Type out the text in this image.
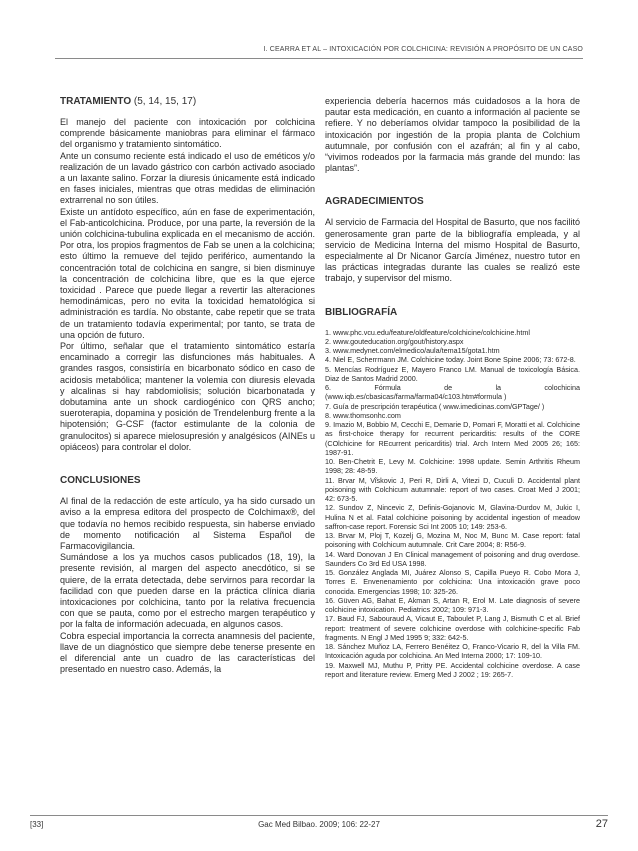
I. CEARRA ET AL – INTOXICACIÓN POR COLCHICINA: REVISIÓN A PROPÓSITO DE UN CASO
TRATAMIENTO (5, 14, 15, 17)

El manejo del paciente con intoxicación por colchicina comprende básicamente maniobras para eliminar el fármaco del organismo y tratamiento sintomático.

Ante un consumo reciente está indicado el uso de eméticos y/o realización de un lavado gástrico con carbón activado asociado a un laxante salino. Forzar la diuresis únicamente está indicado en fases iniciales, mientras que otras medidas de eliminación extrarrenal no son útiles.

Existe un antídoto específico, aún en fase de experimentación, el Fab-anticolchicina. Produce, por una parte, la reversión de la unión colchicina-tubulina explicada en el mecanismo de acción. Por otra, los propios fragmentos de Fab se unen a la colchicina; esto último la remueve del tejido periférico, aumentando la concentración total de colchicina en sangre, si bien disminuye la concentración de colchicina libre, que es la que ejerce toxicidad . Parece que puede llegar a revertir las alteraciones hemodinámicas, pero no evita la toxicidad hematológica si administración es tardía. No obstante, cabe repetir que se trata de un tratamiento todavía experimental; por tanto, se trata de una opción de futuro.

Por último, señalar que el tratamiento sintomático estaría encaminado a corregir las disfunciones más habituales. A grandes rasgos, consistiría en bicarbonato sódico en caso de acidosis metabólica; mantener la volemia con diuresis elevada y alcalinas si hay rabdomiolisis; solución bicarbonatada y dobutamina ante un shock cardiogénico con QRS ancho; sueroterapia, dopamina y posición de Trendelenburg frente a la hipotensión; G-CSF (factor estimulante de la colonia de granulocitos) si aparece mielosupresión y analgésicos (AINEs u opiáceos) para controlar el dolor.

CONCLUSIONES

Al final de la redacción de este artículo, ya ha sido cursado un aviso a la empresa editora del prospecto de Colchimax®, del que todavía no hemos recibido respuesta, sin haberse enviado de momento notificación al Sistema Español de Farmacovigilancia.

Sumándose a los ya muchos casos publicados (18, 19), la presente revisión, al margen del aspecto anecdótico, si se quiere, de la errata detectada, debe servirnos para recordar la facilidad con que pueden darse en la práctica clínica diaria intoxicaciones por colchicina, tanto por la relativa frecuencia con que se pauta, como por el estrecho margen terapéutico y por la falta de información adecuada, en algunos casos.

Cobra especial importancia la correcta anamnesis del paciente, llave de un diagnóstico que siempre debe tenerse presente en el diferencial ante un cuadro de las características del presentado en nuestro caso. Además, la

experiencia debería hacernos más cuidadosos a la hora de pautar esta medicación, en cuanto a información al paciente se refiere. Y no deberíamos olvidar tampoco la posibilidad de la intoxicación por ingestión de la propia planta de Colchium autumnale, por confusión con el azafrán; al fin y al cabo, “vivimos rodeados por la farmacia más grande del mundo: las plantas”.

AGRADECIMIENTOS

Al servicio de Farmacia del Hospital de Basurto, que nos facilitó generosamente gran parte de la bibliografía empleada, y al servicio de Medicina Interna del mismo Hospital de Basurto, especialmente al Dr Nicanor García Jiménez, nuestro tutor en las prácticas integradas durante las cuales se realizó este trabajo, y supervisor del mismo.

BIBLIOGRAFÍA
1. www.phc.vcu.edu/feature/oldfeature/colchicine/colchicine.html
2. www.gouteducation.org/gout/history.aspx
3. www.medynet.com/elmedico/aula/tema15/gota1.htm
4. Niel E, Scherrmann JM. Colchicine today. Joint Bone Spine 2006; 73: 672-8.
5. Mencías Rodríguez E, Mayero Franco LM. Manual de toxicología Básica. Diaz de Santos Madrid 2000.
6. Fórmula de la colochicina (www.iqb.es/cbasicas/farma/farma04/c103.htm#formula )
7. Guía de prescripción terapéutica ( www.imedicinas.com/GPTage/ )
8. www.thomsonhc.com
9. Imazio M, Bobbio M, Cecchi E, Demarie D, Pomari F, Moratti et al. Colchicine as first-choice therapy for recurrent pericarditis: results of the CORE (COlchicine for REcurrent pericarditis) trial. Arch Intern Med 2005 26; 165: 1987-91.
10. Ben-Chetrit E, Levy M. Colchicine: 1998 update. Semin Arthritis Rheum 1998; 28: 48-59.
11. Brvar M, Vi̇̌skovic J, Peri R, Dirli A, Vitezi D, Cuculi D. Accidental plant poisoning with Colchicum autumnale: report of two cases. Croat Med J 2001; 42: 673-5.
12. Sundov Z, Nincevic Z, Definis-Gojanovic M, Glavina-Durdov M, Jukic I, Hulina N et al. Fatal colchicine poisoning by accidental ingestion of meadow saffron-case report. Forensic Sci Int 2005 10; 149: 253-6.
13. Brvar M, Ploj T, Kozelj G, Mozina M, Noc M, Bunc M. Case report: fatal poisoning with Colchicum autumnale. Crit Care 2004; 8: R56-9.
14. Ward Donovan J En Clinical management of poisoning and drug overdose. Saunders Co 3rd Ed USA 1998.
15. González Anglada MI, Juárez Alonso S, Capilla Pueyo R. Cobo Mora J, Torres E. Envenenamiento por colchicina: Una intoxicación grave poco conocida. Emergencias 1998; 10: 325-26.
16. Güven AG, Bahat E, Akman S, Artan R, Erol M. Late diagnosis of severe colchicine intoxication. Pediatrics 2002; 109: 971-3.
17. Baud FJ, Sabouraud A, Vicaut E, Taboulet P, Lang J, Bismuth C et al. Brief report: treatment of severe colchicine overdose with colchicine-specific Fab fragments. N Engl J Med 1995 9; 332: 642-5.
18. Sánchez Muñoz LA, Ferrero Benéitez O, Franco-Vicario R, del la Villa FM. Intoxicación aguda por colchicina. An Med Interna 2000; 17: 109-10.
19. Maxwell MJ, Muthu P, Pritty PE. Accidental colchicine overdose. A case report and literature review. Emerg Med J 2002 ; 19: 265-7.
[33]	Gac Med Bilbao. 2009; 106: 22-27	27
